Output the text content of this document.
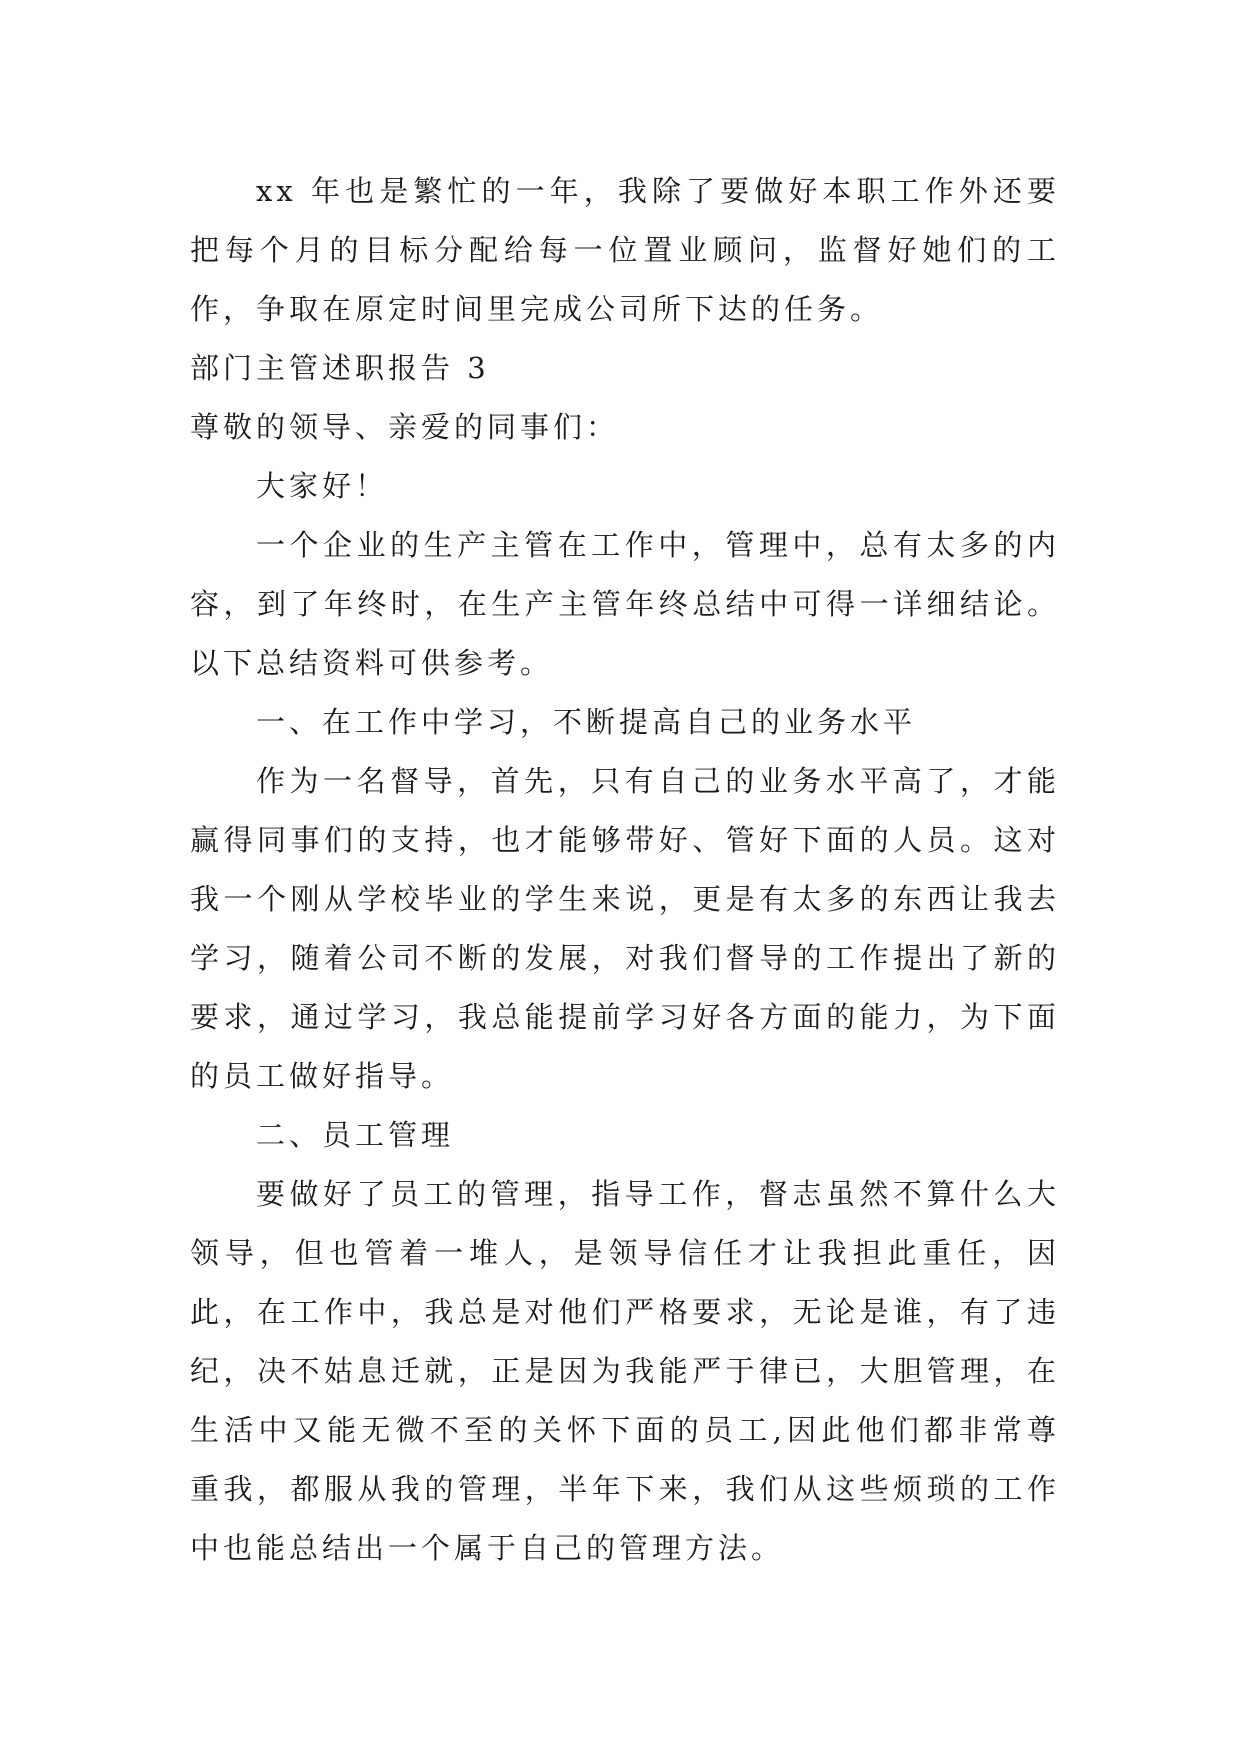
xx 年也是繁忙的一年，我除了要做好本职工作外还要把每个月的目标分配给每一位置业顾问，监督好她们的工作，争取在原定时间里完成公司所下达的任务。

部门主管述职报告 3

尊敬的领导、亲爱的同事们：

大家好！

一个企业的生产主管在工作中，管理中，总有太多的内容，到了年终时，在生产主管年终总结中可得一详细结论。以下总结资料可供参考。

一、在工作中学习，不断提高自己的业务水平

作为一名督导，首先，只有自己的业务水平高了，才能赢得同事们的支持，也才能够带好、管好下面的人员。这对我一个刚从学校毕业的学生来说，更是有太多的东西让我去学习，随着公司不断的发展，对我们督导的工作提出了新的要求，通过学习，我总能提前学习好各方面的能力，为下面的员工做好指导。

二、员工管理

要做好了员工的管理，指导工作，督志虽然不算什么大领导，但也管着一堆人，是领导信任才让我担此重任，因此，在工作中，我总是对他们严格要求，无论是谁，有了违纪，决不姑息迁就，正是因为我能严于律已，大胆管理，在生活中又能无微不至的关怀下面的员工,因此他们都非常尊重我，都服从我的管理，半年下来，我们从这些烦琐的工作中也能总结出一个属于自己的管理方法。
